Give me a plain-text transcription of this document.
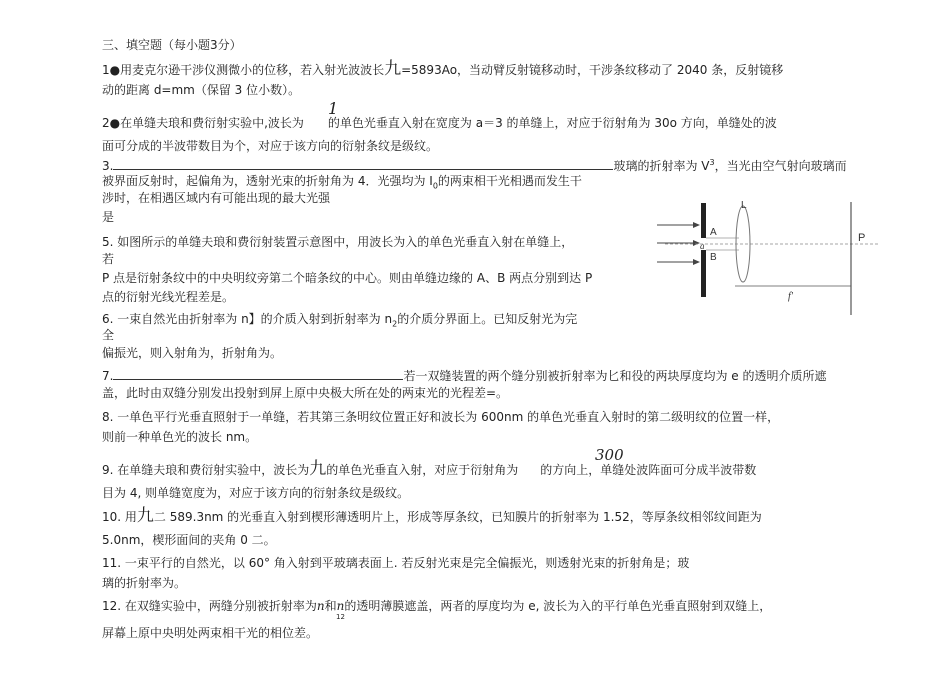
三、填空题（每小题3分）
1●用麦克尔逊干涉仪测微小的位移，若入射光波波长九=5893Ao，当动臂反射镜移动时，干涉条纹移动了 2040 条，反射镜移
动的距离 d=mm（保留 3 位小数）。
1
2●在单缝夫琅和费衍射实验中,波长为 的单色光垂直入射在宽度为 a＝3 的单缝上，对应于衍射角为 30o 方向，单缝处的波
面可分成的半波带数目为个，对应于该方向的衍射条纹是级纹。
3.	玻璃的折射率为 $V^3$，当光由空气射向玻璃而
被界面反射时，起偏角为，透射光束的折射角为 4．光强均为 $I_0$的两束相干光相遇而发生干
涉时，在相遇区域内有可能出现的最大光强
是
5. 如图所示的单缝夫琅和费衍射装置示意图中，用波长为入的单色光垂直入射在单缝上，
若
P 点是衍射条纹中的中央明纹旁第二个暗条纹的中心。则由单缝边缘的 A、B 两点分别到达 P
点的衍射光线光程差是。
6. 一束自然光由折射率为 n】的介质入射到折射率为 $n_2$的介质分界面上。已知反射光为完
全
偏振光，则入射角为，折射角为。
7.	若一双缝装置的两个缝分别被折射率为匕和役的两块厚度均为 e 的透明介质所遮
盖，此时由双缝分别发出投射到屏上原中央极大所在处的两束光的光程差=。
8. 一单色平行光垂直照射于一单缝，若其第三条明纹位置正好和波长为 600nm 的单色光垂直入射时的第二级明纹的位置一样，
则前一种单色光的波长 nm。
300
9. 在单缝夫琅和费衍射实验中，波长为九的单色光垂直入射，对应于衍射角为 的方向上，单缝处波阵面可分成半波带数
目为 4, 则单缝宽度为，对应于该方向的衍射条纹是级纹。
10. 用九二 589.3nm 的光垂直入射到楔形薄透明片上，形成等厚条纹，已知膜片的折射率为 1.52，等厚条纹相邻纹间距为
5.0nm，楔形面间的夹角 0 二。
11. 一束平行的自然光，以 60° 角入射到平玻璃表面上. 若反射光束是完全偏振光，则透射光束的折射角是；玻
璃的折射率为。
12. 在双缝实验中，两缝分别被折射率为n和n的透明薄膜遮盖，两者的厚度均为 e, 波长为入的平行单色光垂直照射到双缝上，
12
屏幕上原中央明处两束相干光的相位差。
A
B
a
L
P
f'
